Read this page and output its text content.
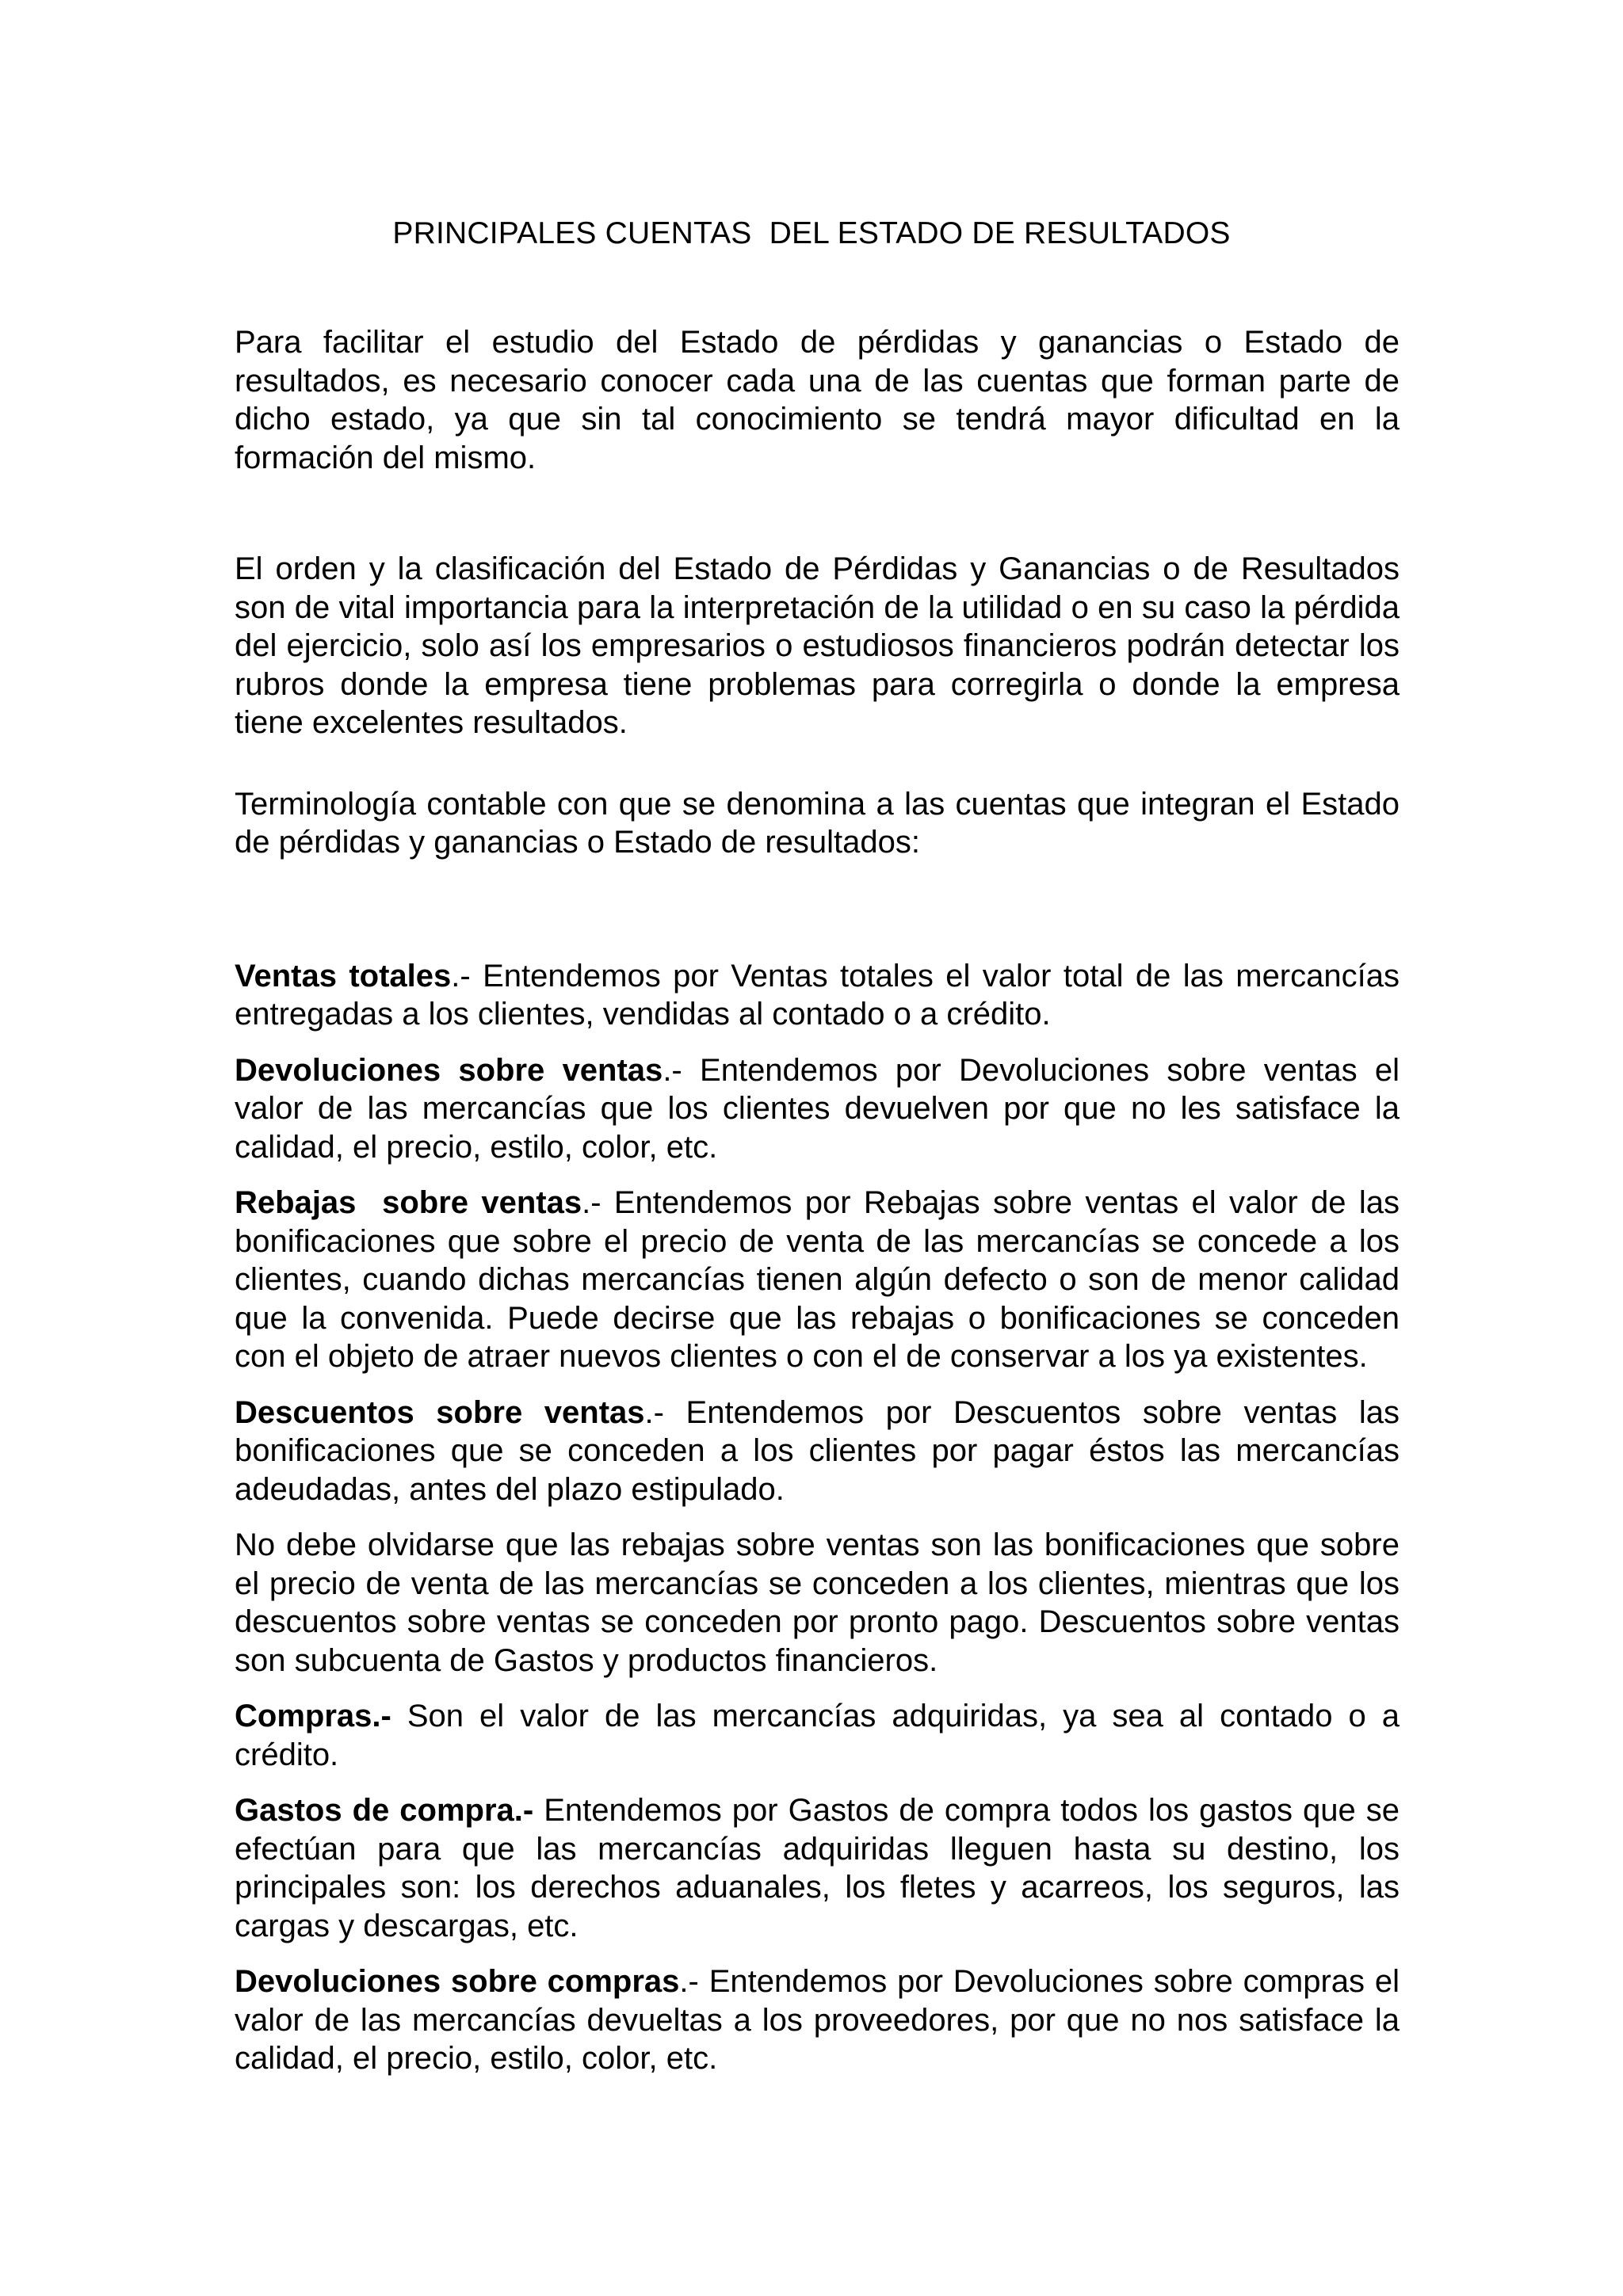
PRINCIPALES CUENTAS  DEL ESTADO DE RESULTADOS

Para facilitar el estudio del Estado de pérdidas y ganancias o Estado de resultados, es necesario conocer cada una de las cuentas que forman parte de dicho estado, ya que sin tal conocimiento se tendrá mayor dificultad en la formación del mismo.

El orden y la clasificación del Estado de Pérdidas y Ganancias o de Resultados son de vital importancia para la interpretación de la utilidad o en su caso la pérdida del ejercicio, solo así los empresarios o estudiosos financieros podrán detectar los rubros donde la empresa tiene problemas para corregirla o donde la empresa tiene excelentes resultados.

Terminología contable con que se denomina a las cuentas que integran el Estado de pérdidas y ganancias o Estado de resultados:

Ventas totales.- Entendemos por Ventas totales el valor total de las mercancías entregadas a los clientes, vendidas al contado o a crédito.

Devoluciones sobre ventas.- Entendemos por Devoluciones sobre ventas el valor de las mercancías que los clientes devuelven por que no les satisface la calidad, el precio, estilo, color, etc.

Rebajas  sobre ventas.- Entendemos por Rebajas sobre ventas el valor de las bonificaciones que sobre el precio de venta de las mercancías se concede a los clientes, cuando dichas mercancías tienen algún defecto o son de menor calidad que la convenida. Puede decirse que las rebajas o bonificaciones se conceden con el objeto de atraer nuevos clientes o con el de conservar a los ya existentes.

Descuentos sobre ventas.- Entendemos por Descuentos sobre ventas las bonificaciones que se conceden a los clientes por pagar éstos las mercancías adeudadas, antes del plazo estipulado.

No debe olvidarse que las rebajas sobre ventas son las bonificaciones que sobre el precio de venta de las mercancías se conceden a los clientes, mientras que los descuentos sobre ventas se conceden por pronto pago. Descuentos sobre ventas son subcuenta de Gastos y productos financieros.

Compras.- Son el valor de las mercancías adquiridas, ya sea al contado o a crédito.

Gastos de compra.- Entendemos por Gastos de compra todos los gastos que se efectúan para que las mercancías adquiridas lleguen hasta su destino, los principales son: los derechos aduanales, los fletes y acarreos, los seguros, las cargas y descargas, etc.

Devoluciones sobre compras.- Entendemos por Devoluciones sobre compras el valor de las mercancías devueltas a los proveedores, por que no nos satisface la calidad, el precio, estilo, color, etc.
